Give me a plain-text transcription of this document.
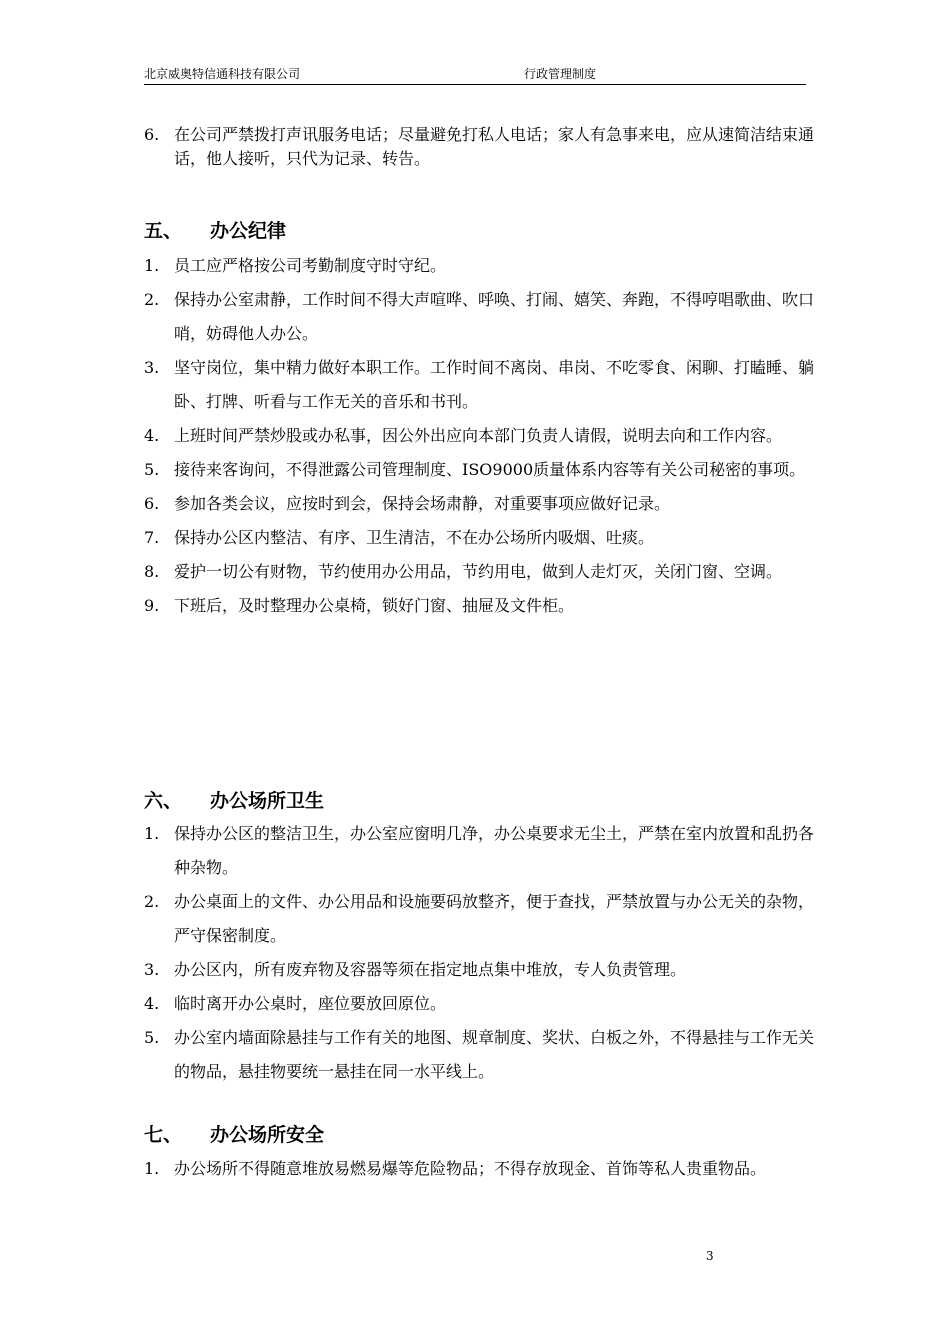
北京威奥特信通科技有限公司	行政管理制度
6. 在公司严禁拨打声讯服务电话；尽量避免打私人电话；家人有急事来电，应从速简洁结束通话，他人接听，只代为记录、转告。
五、 办公纪律
1. 员工应严格按公司考勤制度守时守纪。
2. 保持办公室肃静，工作时间不得大声喧哗、呼唤、打闹、嬉笑、奔跑，不得哼唱歌曲、吹口哨，妨碍他人办公。
3. 坚守岗位，集中精力做好本职工作。工作时间不离岗、串岗、不吃零食、闲聊、打瞌睡、躺卧、打牌、听看与工作无关的音乐和书刊。
4. 上班时间严禁炒股或办私事，因公外出应向本部门负责人请假，说明去向和工作内容。
5. 接待来客询问，不得泄露公司管理制度、ISO9000质量体系内容等有关公司秘密的事项。
6. 参加各类会议，应按时到会，保持会场肃静，对重要事项应做好记录。
7. 保持办公区内整洁、有序、卫生清洁，不在办公场所内吸烟、吐痰。
8. 爱护一切公有财物，节约使用办公用品，节约用电，做到人走灯灭，关闭门窗、空调。
9. 下班后，及时整理办公桌椅，锁好门窗、抽屉及文件柜。
六、 办公场所卫生
1. 保持办公区的整洁卫生，办公室应窗明几净，办公桌要求无尘土，严禁在室内放置和乱扔各种杂物。
2. 办公桌面上的文件、办公用品和设施要码放整齐，便于查找，严禁放置与办公无关的杂物，严守保密制度。
3. 办公区内，所有废弃物及容器等须在指定地点集中堆放，专人负责管理。
4. 临时离开办公桌时，座位要放回原位。
5. 办公室内墙面除悬挂与工作有关的地图、规章制度、奖状、白板之外，不得悬挂与工作无关的物品，悬挂物要统一悬挂在同一水平线上。
七、 办公场所安全
1. 办公场所不得随意堆放易燃易爆等危险物品；不得存放现金、首饰等私人贵重物品。
3
